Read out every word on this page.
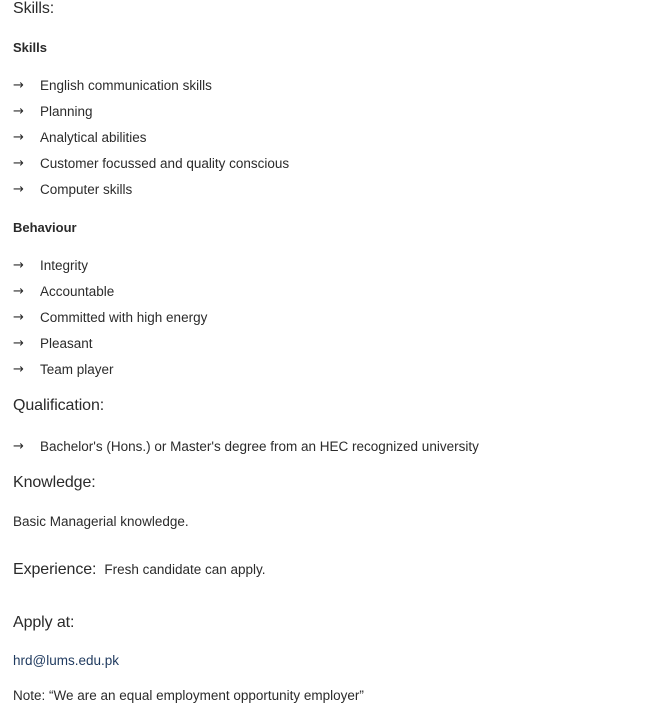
Skills:
Skills
→	English communication skills
→	Planning
→	Analytical abilities
→	Customer focussed and quality conscious
→	Computer skills
Behaviour
→	Integrity
→	Accountable
→	Committed with high energy
→	Pleasant
→	Team player
Qualification:
→	Bachelor's (Hons.) or Master's degree from an HEC recognized university
Knowledge:
Basic Managerial knowledge.
Experience: Fresh candidate can apply.
Apply at:
hrd@lums.edu.pk
Note: “We are an equal employment opportunity employer”
